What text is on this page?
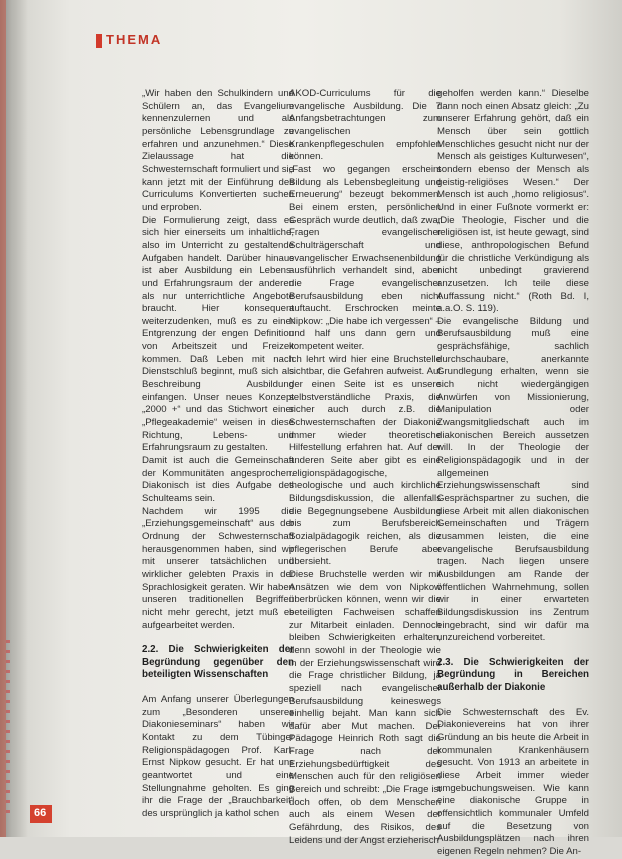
THEMA

„Wir haben den Schulkindern und Schülern an, das Evangelium kennenzulernen und als persönliche Lebensgrundlage zu erfahren und anzunehmen.“ Diese Zielaussage hat die Schwesternschaft formuliert und sie kann jetzt mit der Einführung des Curriculums Konvertierten suchen und erproben.

Die Formulierung zeigt, dass es sich hier einerseits um inhaltliche, also im Unterricht zu gestaltende Aufgaben handelt. Darüber hinaus ist aber Ausbildung ein Lebens- und Erfahrungsraum der anderen als nur unterrichtliche Angebote braucht. Hier konsequent weiterzudenken, muß es zu einer Entgrenzung der engen Definition von Arbeitszeit und Freizeit kommen. Daß Leben mit nach Dienstschluß beginnt, muß sich als Beschreibung Ausbildung einfangen. Unser neues Konzept „2000 +“ und das Stichwort einer „Pflegeakademie“ weisen in diese Richtung, Lebens- und Erfahrungsraum zu gestalten.

Damit ist auch die Gemeinschaft der Kommunitäten angesprochen. Diakonisch ist dies Aufgabe des Schulteams sein.

Nachdem wir 1995 die „Erziehungsgemeinschaft“ aus der Ordnung der Schwesternschaft herausgenommen haben, sind wir mit unserer tatsächlichen und wirklicher gelebten Praxis in der Sprachlosigkeit geraten. Wir haben unseren traditionellen Begriffen nicht mehr gerecht, jetzt muß es aufgearbeitet werden.

2.2. Die Schwierigkeiten der Begründung gegenüber den beteiligten Wissenschaften

Am Anfang unserer Überlegungen zum „Besonderen unseres Diakonieseminars“ haben wir Kontakt zu dem Tübinger Religionspädagogen Prof. Karl-Ernst Nipkow gesucht. Er hat uns geantwortet und eine Stellungnahme geholten. Es ging ihr die Frage der „Brauchbarkeit“ des ursprünglich ja kathol schen

AKOD-Curriculums für die evangelische Ausbildung. Die 7 Anfangsbetrachtungen zum evangelischen Krankenpflegeschulen empfohlen können.

„Fast wo gegangen erscheint Bildung als Lebensbegleitung und Erneuerung“ bezeugt bekommen. Bei einem ersten, persönlichen Gespräch wurde deutlich, daß zwar Fragen evangelischer Schulträgerschaft und evangelischer Erwachsenenbildung ausführlich verhandelt sind, aber die Frage evangelischer Berufsausbildung eben nicht auftaucht. Erschrocken meinte Nipkow: „Die habe ich vergessen“ – und half uns dann gern und kompetent weiter.

Ich lehrt wird hier eine Bruchstelle sichtbar, die Gefahren aufweist. Auf der einen Seite ist es unsere selbstverständliche Praxis, die sicher auch durch z.B. die Schwesternschaften der Diakonie immer wieder theoretische Hilfestellung erfahren hat. Auf der anderen Seite aber gibt es eine religionspädagogische, theologische und auch kirchliche Bildungsdiskussion, die allenfalls die Begegnungsebene Ausbildung bis zum Berufsbereich Sozialpädagogik reichen, als die pflegerischen Berufe aber übersieht.

Diese Bruchstelle werden wir mit Ansätzen wie dem von Nipkow überbrücken können, wenn wir die beteiligten Fachweisen schaffen zur Mitarbeit einladen. Dennoch bleiben Schwierigkeiten erhalten, denn sowohl in der Theologie wie in der Erziehungswissenschaft wird die Frage christlicher Bildung, ja speziell nach evangelischer Berufsausbildung keineswegs einhellig bejaht. Man kann sich dafür aber Mut machen. Der Pädagoge Heinrich Roth sagt die Frage nach der Erziehungsbedürftigkeit des Menschen auch für den religiösen Bereich und schreibt: „Die Frage ist doch offen, ob dem Menschen auch als einem Wesen der Gefährdung, des Risikos, des Leidens und der Angst erzieherisch

geholfen werden kann.“ Dieselbe dann noch einen Absatz gleich: „Zu unserer Erfahrung gehört, daß ein Mensch über sein gottlich Menschliches gesucht nicht nur der Mensch als geistiges Kulturwesen“, sondern ebenso der Mensch als geistig-religiöses Wesen.“ Der Mensch ist auch „homo religiosus“. Und in einer Fußnote vormerkt er: „Die Theologie, Fischer und die religiösen ist, ist heute gewagt, sind diese, anthropologischen Befund für die christliche Verkündigung als nicht unbedingt gravierend anzusetzen. Ich teile diese Auffassung nicht.“ (Roth Bd. I, a.a.O. S. 119).

Die evangelische Bildung und Berufsausbildung muß eine gesprächsfähige, sachlich durchschaubare, anerkannte Grundlegung erhalten, wenn sie sich nicht wiedergängigen Anwürfen von Missionierung, Manipulation oder Zwangsmitgliedschaft auch im diakonischen Bereich aussetzen will. In der Theologie der Religionspädagogik und in der allgemeinen Erziehungswissenschaft sind Gesprächspartner zu suchen, die diese Arbeit mit allen diakonischen Gemeinschaften und Trägern zusammen leisten, die eine evangelische Berufsausbildung tragen. Nach liegen unsere Ausbildungen am Rande der öffentlichen Wahrnehmung, sollen wir in einer erwarteten Bildungsdiskussion ins Zentrum eingebracht, sind wir dafür ma unzureichend vorbereitet.

2.3. Die Schwierigkeiten der Begründung in Bereichen außerhalb der Diakonie

Die Schwesternschaft des Ev. Diakonievereins hat von ihrer Gründung an bis heute die Arbeit in kommunalen Krankenhäusern gesucht. Von 1913 an arbeitete in diese Arbeit immer wieder umgebuchungsweisen. Wie kann eine diakonische Gruppe in offensichtlich kommunaler Umfeld auf die Besetzung von Ausbildungsplätzen nach ihren eigenen Regeln nehmen? Die An-

66
